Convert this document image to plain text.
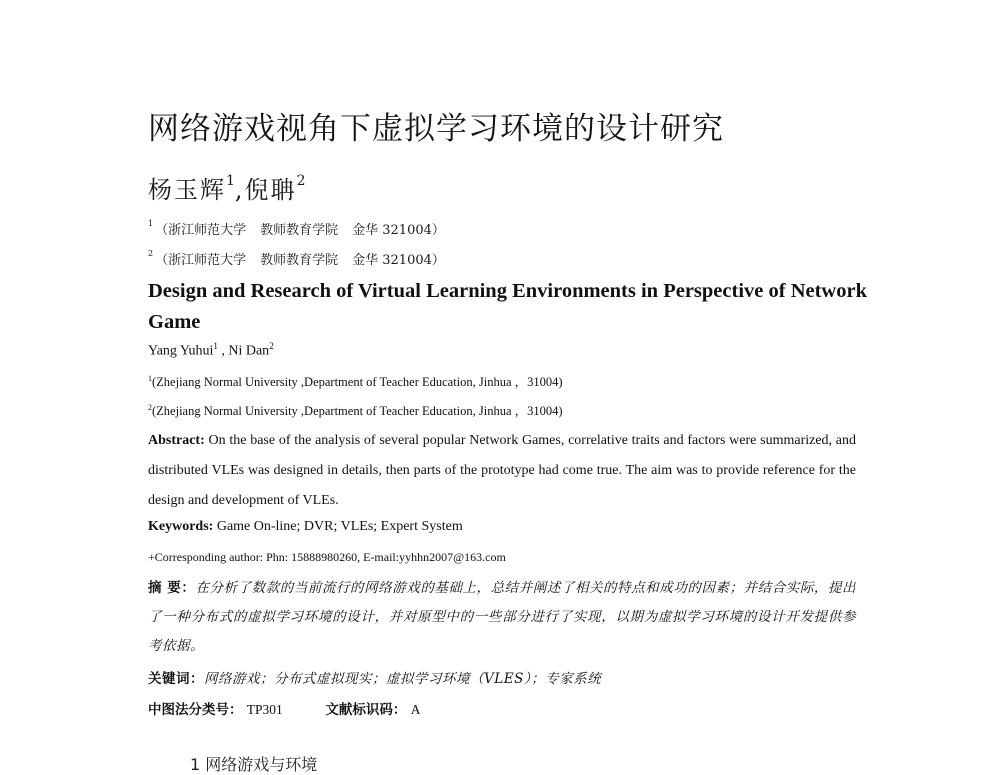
网络游戏视角下虚拟学习环境的设计研究
杨玉辉$^1$,倪聃$^2$
$^1$ （浙江师范大学 教师教育学院 金华 321004）
$^2$ （浙江师范大学 教师教育学院 金华 321004）
Design and Research of Virtual Learning Environments in Perspective of Network Game
Yang Yuhui$^1$ , Ni Dan$^2$
$^1$(Zhejiang Normal University ,Department of Teacher Education, Jinhua ，31004)
$^2$(Zhejiang Normal University ,Department of Teacher Education, Jinhua ，31004)
Abstract: On the base of the analysis of several popular Network Games, correlative traits and factors were summarized, and distributed VLEs was designed in details, then parts of the prototype had come true. The aim was to provide reference for the design and development of VLEs.
Keywords: Game On-line; DVR; VLEs; Expert System
+Corresponding author: Phn: 15888980260, E-mail:yyhhn2007@163.com
摘 要：在分析了数款的当前流行的网络游戏的基础上，总结并阐述了相关的特点和成功的因素；并结合实际，提出了一种分布式的虚拟学习环境的设计，并对原型中的一些部分进行了实现，以期为虚拟学习环境的设计开发提供参考依据。
关键词：网络游戏；分布式虚拟现实；虚拟学习环境（VLES）；专家系统
中图法分类号： TP301	文献标识码： A
1 网络游戏与环境
